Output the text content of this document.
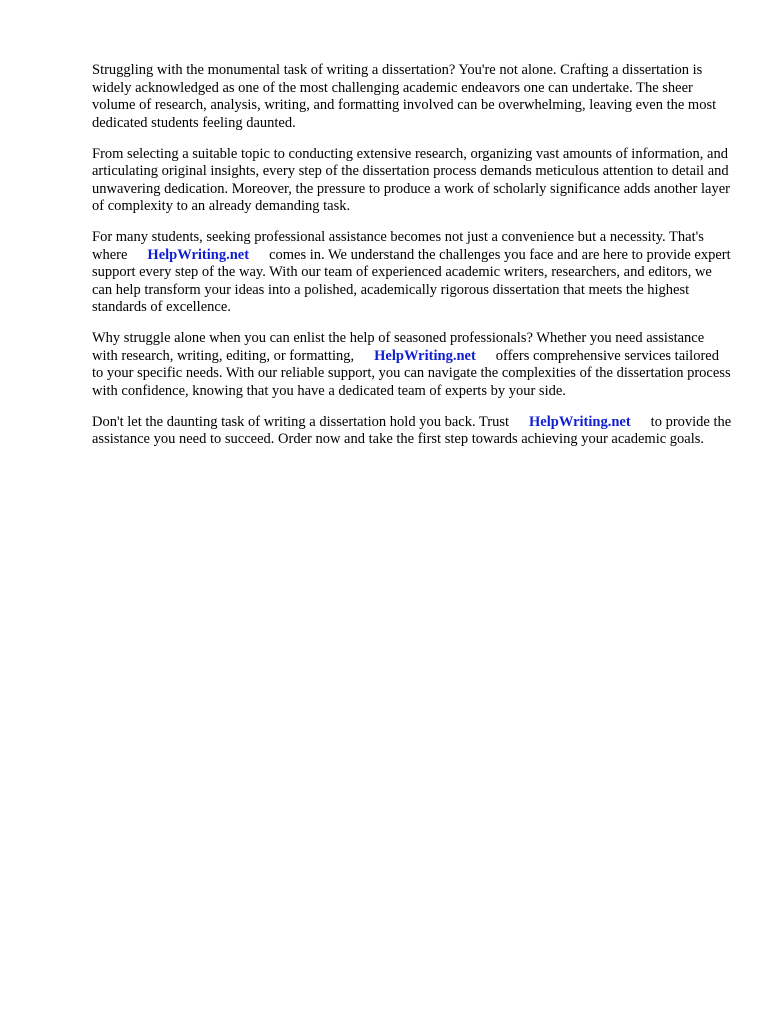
Struggling with the monumental task of writing a dissertation? You're not alone. Crafting a dissertation is widely acknowledged as one of the most challenging academic endeavors one can undertake. The sheer volume of research, analysis, writing, and formatting involved can be overwhelming, leaving even the most dedicated students feeling daunted.

From selecting a suitable topic to conducting extensive research, organizing vast amounts of information, and articulating original insights, every step of the dissertation process demands meticulous attention to detail and unwavering dedication. Moreover, the pressure to produce a work of scholarly significance adds another layer of complexity to an already demanding task.

For many students, seeking professional assistance becomes not just a convenience but a necessity. That's where HelpWriting.net comes in. We understand the challenges you face and are here to provide expert support every step of the way. With our team of experienced academic writers, researchers, and editors, we can help transform your ideas into a polished, academically rigorous dissertation that meets the highest standards of excellence.

Why struggle alone when you can enlist the help of seasoned professionals? Whether you need assistance with research, writing, editing, or formatting, HelpWriting.net offers comprehensive services tailored to your specific needs. With our reliable support, you can navigate the complexities of the dissertation process with confidence, knowing that you have a dedicated team of experts by your side.

Don't let the daunting task of writing a dissertation hold you back. Trust HelpWriting.net to provide the assistance you need to succeed. Order now and take the first step towards achieving your academic goals.
